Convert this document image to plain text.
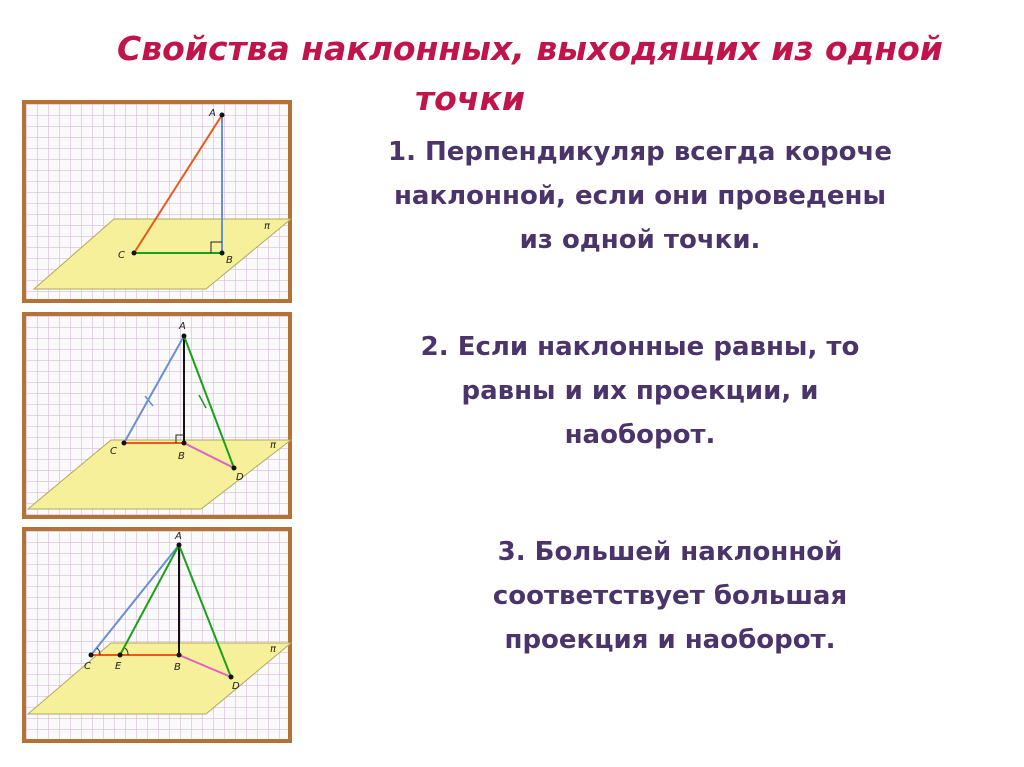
Свойства наклонных, выходящих из одной
точки
A
B
C
π
A
B
C
D
π
A
B
C E
D
π
1. Перпендикуляр всегда короче
наклонной, если они проведены
из одной точки.
2. Если наклонные равны, то
равны и их проекции, и
наоборот.
3. Большей наклонной
соответствует большая
проекция и наоборот.
